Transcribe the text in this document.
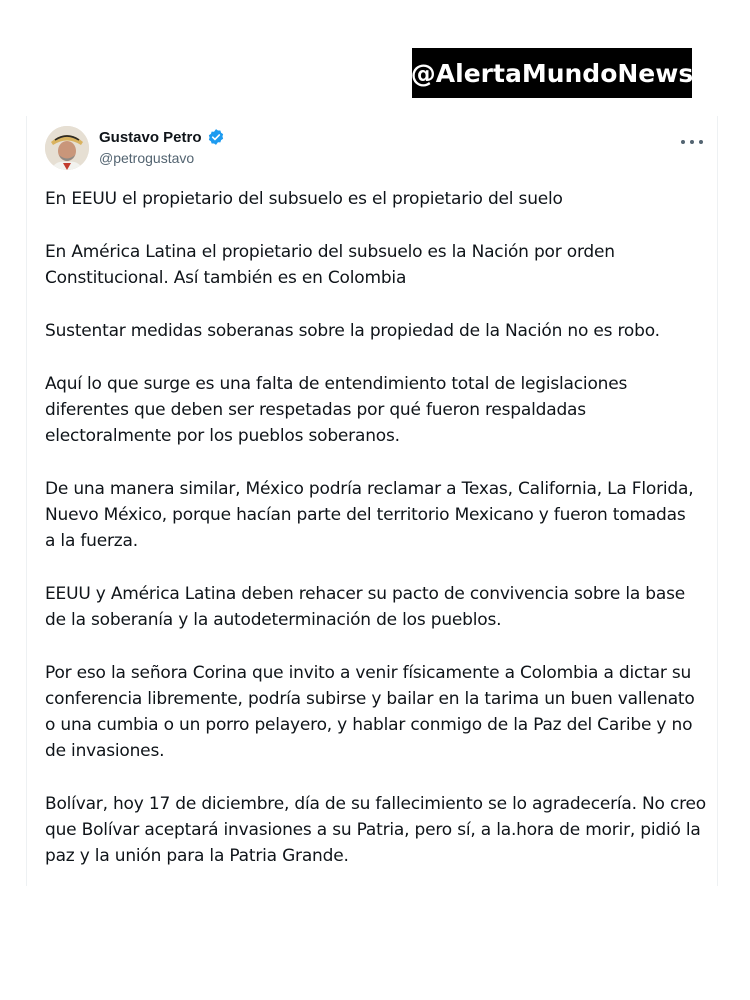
@AlertaMundoNews
Gustavo Petro
@petrogustavo

En EEUU el propietario del subsuelo es el propietario del suelo

En América Latina el propietario del subsuelo es la Nación por orden
Constitucional. Así también es en Colombia

Sustentar medidas soberanas sobre la propiedad de la Nación no es robo.

Aquí lo que surge es una falta de entendimiento total de legislaciones
diferentes que deben ser respetadas por qué fueron respaldadas
electoralmente por los pueblos soberanos.

De una manera similar, México podría reclamar a Texas, California, La Florida,
Nuevo México, porque hacían parte del territorio Mexicano y fueron tomadas
a la fuerza.

EEUU y América Latina deben rehacer su pacto de convivencia sobre la base
de la soberanía y la autodeterminación de los pueblos.

Por eso la señora Corina que invito a venir físicamente a Colombia a dictar su
conferencia libremente, podría subirse y bailar en la tarima un buen vallenato
o una cumbia o un porro pelayero, y hablar conmigo de la Paz del Caribe y no
de invasiones.

Bolívar, hoy 17 de diciembre, día de su fallecimiento se lo agradecería. No creo
que Bolívar aceptará invasiones a su Patria, pero sí, a la.hora de morir, pidió la
paz y la unión para la Patria Grande.
